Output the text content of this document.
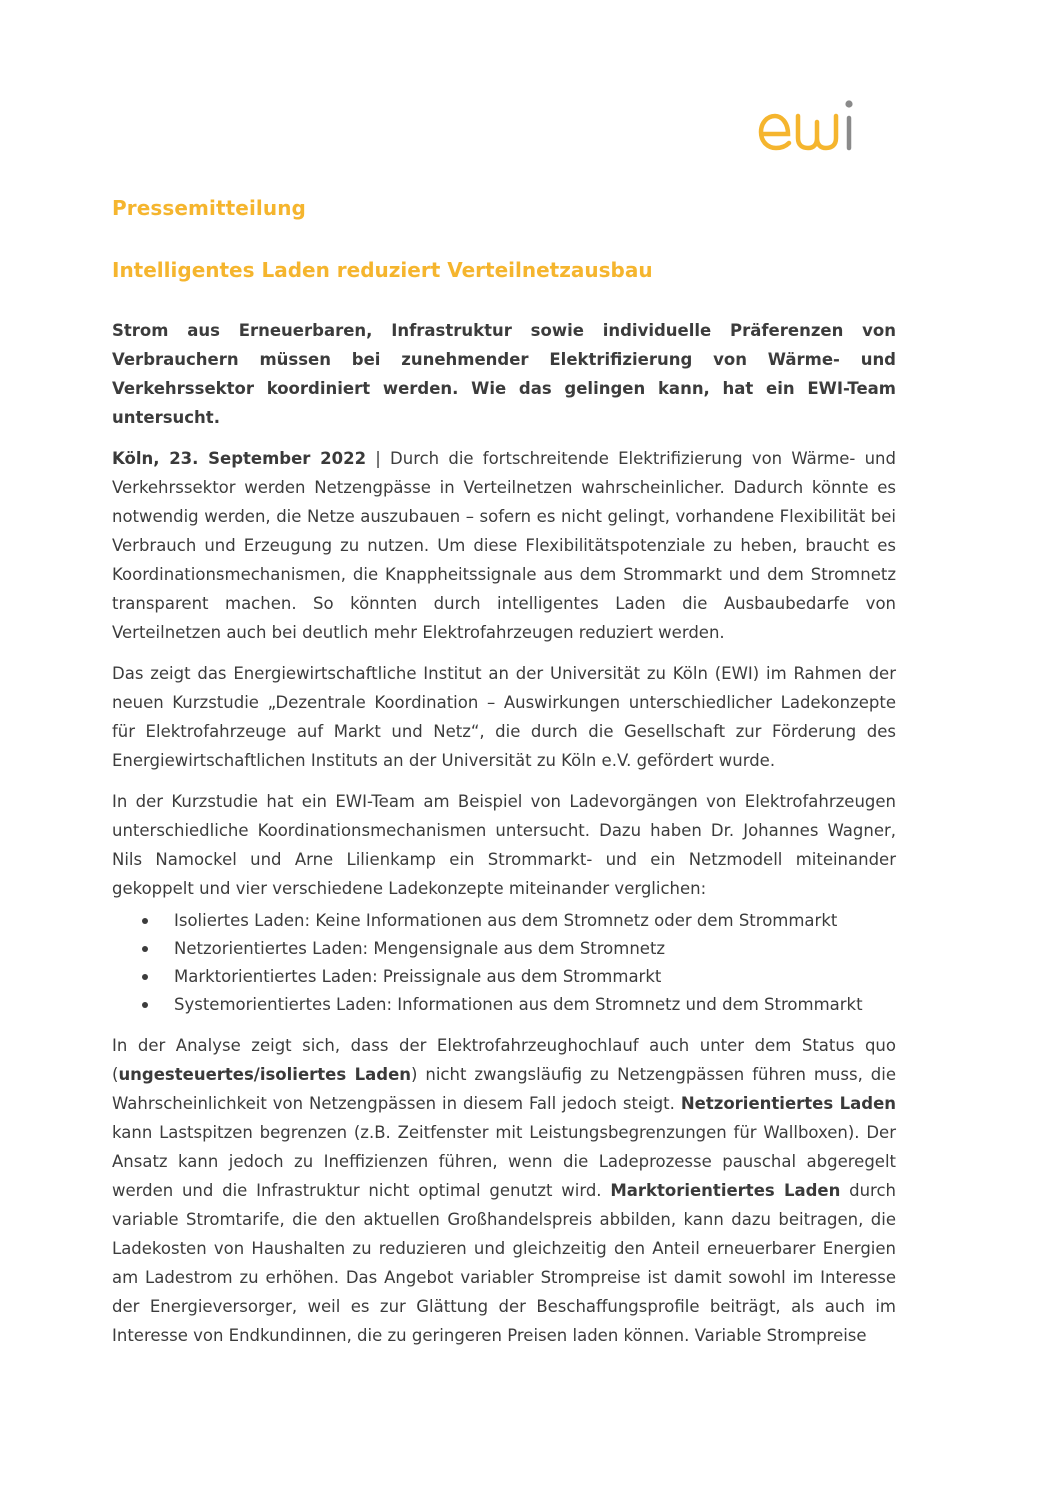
Pressemitteilung
Intelligentes Laden reduziert Verteilnetzausbau

Strom aus Erneuerbaren, Infrastruktur sowie individuelle Präferenzen von Verbrauchern müssen bei zunehmender Elektrifizierung von Wärme- und Verkehrssektor koordiniert werden. Wie das gelingen kann, hat ein EWI-Team untersucht.

Köln, 23. September 2022 | Durch die fortschreitende Elektrifizierung von Wärme- und Verkehrssektor werden Netzengpässe in Verteilnetzen wahrscheinlicher. Dadurch könnte es notwendig werden, die Netze auszubauen – sofern es nicht gelingt, vorhandene Flexibilität bei Verbrauch und Erzeugung zu nutzen. Um diese Flexibilitätspotenziale zu heben, braucht es Koordinationsmechanismen, die Knappheitssignale aus dem Strommarkt und dem Stromnetz transparent machen. So könnten durch intelligentes Laden die Ausbaubedarfe von Verteilnetzen auch bei deutlich mehr Elektrofahrzeugen reduziert werden.

Das zeigt das Energiewirtschaftliche Institut an der Universität zu Köln (EWI) im Rahmen der neuen Kurzstudie „Dezentrale Koordination – Auswirkungen unterschiedlicher Ladekonzepte für Elektrofahrzeuge auf Markt und Netz“, die durch die Gesellschaft zur Förderung des Energiewirtschaftlichen Instituts an der Universität zu Köln e.V. gefördert wurde.

In der Kurzstudie hat ein EWI-Team am Beispiel von Ladevorgängen von Elektrofahrzeugen unterschiedliche Koordinationsmechanismen untersucht. Dazu haben Dr. Johannes Wagner, Nils Namockel und Arne Lilienkamp ein Strommarkt- und ein Netzmodell miteinander gekoppelt und vier verschiedene Ladekonzepte miteinander verglichen:

Isoliertes Laden: Keine Informationen aus dem Stromnetz oder dem Strommarkt
Netzorientiertes Laden: Mengensignale aus dem Stromnetz
Marktorientiertes Laden: Preissignale aus dem Strommarkt
Systemorientiertes Laden: Informationen aus dem Stromnetz und dem Strommarkt

In der Analyse zeigt sich, dass der Elektrofahrzeughochlauf auch unter dem Status quo (ungesteuertes/isoliertes Laden) nicht zwangsläufig zu Netzengpässen führen muss, die Wahrscheinlichkeit von Netzengpässen in diesem Fall jedoch steigt. Netzorientiertes Laden kann Lastspitzen begrenzen (z.B. Zeitfenster mit Leistungsbegrenzungen für Wallboxen). Der Ansatz kann jedoch zu Ineffizienzen führen, wenn die Ladeprozesse pauschal abgeregelt werden und die Infrastruktur nicht optimal genutzt wird. Marktorientiertes Laden durch variable Stromtarife, die den aktuellen Großhandelspreis abbilden, kann dazu beitragen, die Ladekosten von Haushalten zu reduzieren und gleichzeitig den Anteil erneuerbarer Energien am Ladestrom zu erhöhen. Das Angebot variabler Strompreise ist damit sowohl im Interesse der Energieversorger, weil es zur Glättung der Beschaffungsprofile beiträgt, als auch im Interesse von Endkundinnen, die zu geringeren Preisen laden können. Variable Strompreise
